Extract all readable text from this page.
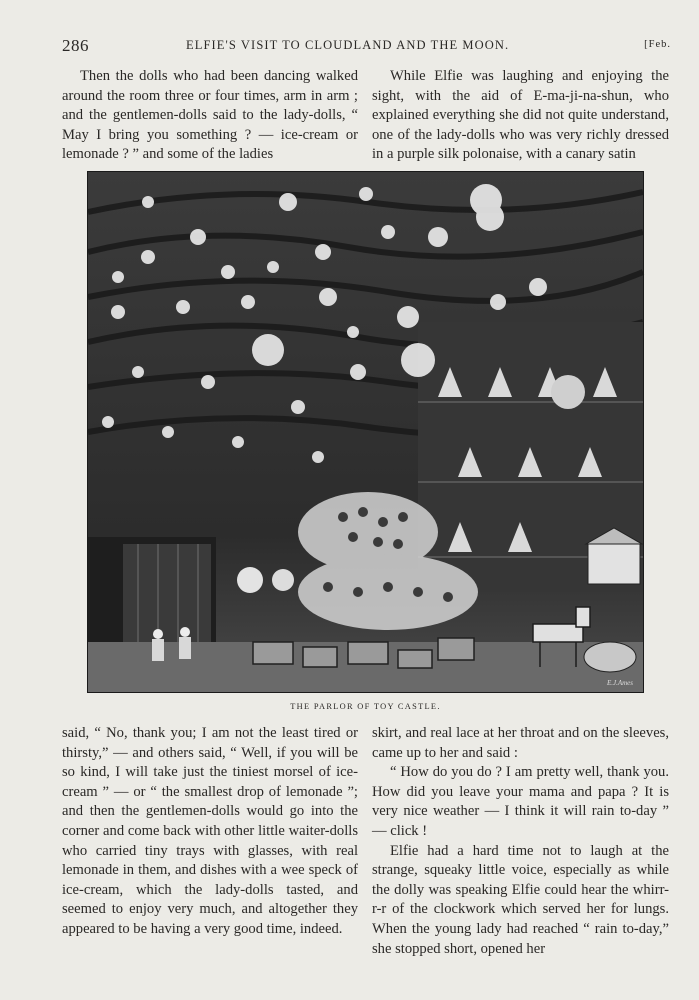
286	ELFIE'S VISIT TO CLOUDLAND AND THE MOON.	[Feb.

Then the dolls who had been dancing walked around the room three or four times, arm in arm ; and the gentlemen-dolls said to the lady-dolls, “ May I bring you something ? — ice-cream or lemonade ? ” and some of the ladies

While Elfie was laughing and enjoying the sight, with the aid of E-ma-ji-na-shun, who explained everything she did not quite understand, one of the lady-dolls who was very richly dressed in a purple silk polonaise, with a canary satin

E.J.Ames
THE PARLOR OF TOY CASTLE.

said, “ No, thank you; I am not the least tired or thirsty,” — and others said, “ Well, if you will be so kind, I will take just the tiniest morsel of ice-cream ” — or “ the smallest drop of lemonade ”; and then the gentlemen-dolls would go into the corner and come back with other little waiter-dolls who carried tiny trays with glasses, with real lemonade in them, and dishes with a wee speck of ice-cream, which the lady-dolls tasted, and seemed to enjoy very much, and altogether they appeared to be having a very good time, indeed.

skirt, and real lace at her throat and on the sleeves, came up to her and said :

“ How do you do ? I am pretty well, thank you. How did you leave your mama and papa ? It is very nice weather — I think it will rain to-day ” — click !

Elfie had a hard time not to laugh at the strange, squeaky little voice, especially as while the dolly was speaking Elfie could hear the whirr-r-r of the clockwork which served her for lungs. When the young lady had reached “ rain to-day,” she stopped short, opened her
